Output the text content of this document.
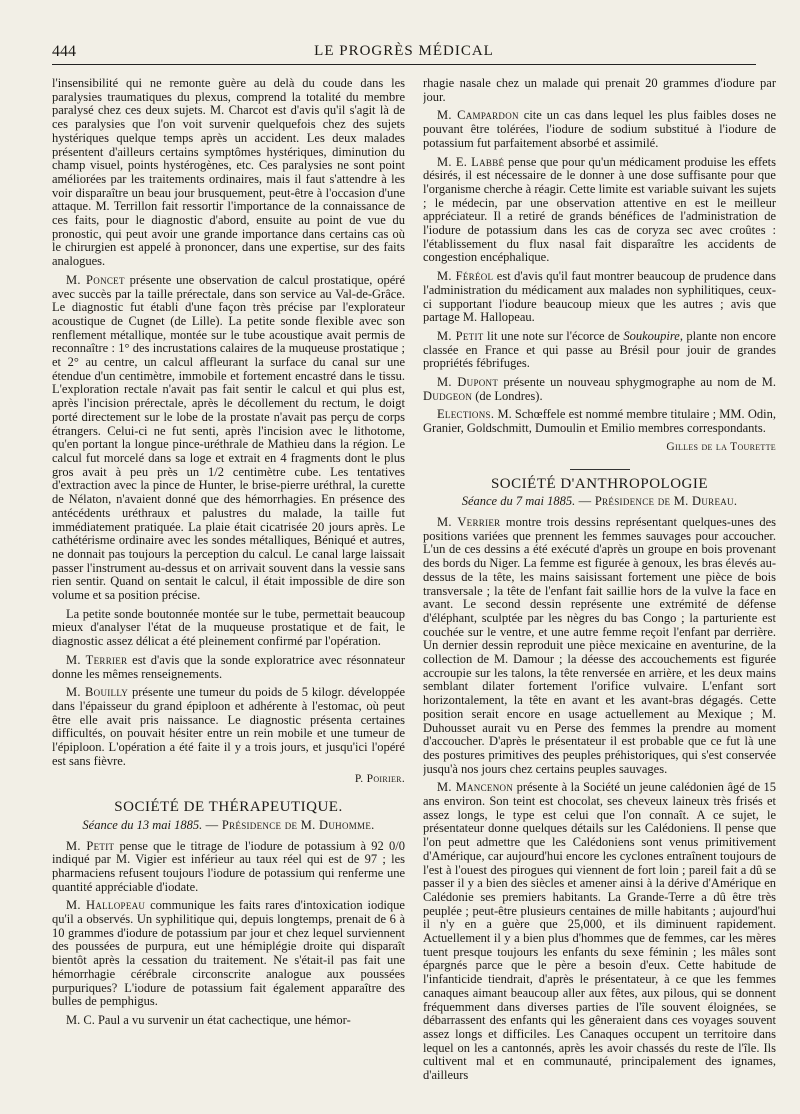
444	LE PROGRÈS MÉDICAL

l'insensibilité qui ne remonte guère au delà du coude dans les paralysies traumatiques du plexus, comprend la totalité du membre paralysé chez ces deux sujets. M. Charcot est d'avis qu'il s'agit là de ces paralysies que l'on voit survenir quelquefois chez des sujets hystériques quelque temps après un accident. Les deux malades présentent d'ailleurs certains symptômes hystériques, diminution du champ visuel, points hystérogènes, etc. Ces paralysies ne sont point améliorées par les traitements ordinaires, mais il faut s'attendre à les voir disparaître un beau jour brusquement, peut-être à l'occasion d'une attaque. M. Terrillon fait ressortir l'importance de la connaissance de ces faits, pour le diagnostic d'abord, ensuite au point de vue du pronostic, qui peut avoir une grande importance dans certains cas où le chirurgien est appelé à prononcer, dans une expertise, sur des faits analogues.

M. Poncet présente une observation de calcul prostatique, opéré avec succès par la taille prérectale, dans son service au Val-de-Grâce. Le diagnostic fut établi d'une façon très précise par l'explorateur acoustique de Cugnet (de Lille). La petite sonde flexible avec son renflement métallique, montée sur le tube acoustique avait permis de reconnaître : 1° des incrustations calaires de la muqueuse prostatique ; et 2° au centre, un calcul affleurant la surface du canal sur une étendue d'un centimètre, immobile et fortement encastré dans le tissu. L'exploration rectale n'avait pas fait sentir le calcul et qui plus est, après l'incision prérectale, après le décollement du rectum, le doigt porté directement sur le lobe de la prostate n'avait pas perçu de corps étrangers. Celui-ci ne fut senti, après l'incision avec le lithotome, qu'en portant la longue pince-uréthrale de Mathieu dans la région. Le calcul fut morcelé dans sa loge et extrait en 4 fragments dont le plus gros avait à peu près un 1/2 centimètre cube. Les tentatives d'extraction avec la pince de Hunter, le brise-pierre uréthral, la curette de Nélaton, n'avaient donné que des hémorrhagies. En présence des antécédents uréthraux et palustres du malade, la taille fut immédiatement pratiquée. La plaie était cicatrisée 20 jours après. Le cathétérisme ordinaire avec les sondes métalliques, Béniqué et autres, ne donnait pas toujours la perception du calcul. Le canal large laissait passer l'instrument au-dessus et on arrivait souvent dans la vessie sans rien sentir. Quand on sentait le calcul, il était impossible de dire son volume et sa position précise.

La petite sonde boutonnée montée sur le tube, permettait beaucoup mieux d'analyser l'état de la muqueuse prostatique et de fait, le diagnostic assez délicat a été pleinement confirmé par l'opération.

M. Terrier est d'avis que la sonde exploratrice avec résonnateur donne les mêmes renseignements.

M. Bouilly présente une tumeur du poids de 5 kilogr. développée dans l'épaisseur du grand épiploon et adhérente à l'estomac, où peut être elle avait pris naissance. Le diagnostic présenta certaines difficultés, on pouvait hésiter entre un rein mobile et une tumeur de l'épiploon. L'opération a été faite il y a trois jours, et jusqu'ici l'opéré est sans fièvre.

P. Poirier.
SOCIÉTÉ DE THÉRAPEUTIQUE.
Séance du 13 mai 1885. — Présidence de M. Duhomme.

M. Petit pense que le titrage de l'iodure de potassium à 92 0/0 indiqué par M. Vigier est inférieur au taux réel qui est de 97 ; les pharmaciens refusent toujours l'iodure de potassium qui renferme une quantité appréciable d'iodate.

M. Hallopeau communique les faits rares d'intoxication iodique qu'il a observés. Un syphilitique qui, depuis longtemps, prenait de 6 à 10 grammes d'iodure de potassium par jour et chez lequel surviennent des poussées de purpura, eut une hémiplégie droite qui disparaît bientôt après la cessation du traitement. Ne s'était-il pas fait une hémorrhagie cérébrale circonscrite analogue aux poussées purpuriques? L'iodure de potassium fait également apparaître des bulles de pemphigus.

M. C. Paul a vu survenir un état cachectique, une hémor-

rhagie nasale chez un malade qui prenait 20 grammes d'iodure par jour.

M. Campardon cite un cas dans lequel les plus faibles doses ne pouvant être tolérées, l'iodure de sodium substitué à l'iodure de potassium fut parfaitement absorbé et assimilé.

M. E. Labbé pense que pour qu'un médicament produise les effets désirés, il est nécessaire de le donner à une dose suffisante pour que l'organisme cherche à réagir. Cette limite est variable suivant les sujets ; le médecin, par une observation attentive en est le meilleur appréciateur. Il a retiré de grands bénéfices de l'administration de l'iodure de potassium dans les cas de coryza sec avec croûtes : l'établissement du flux nasal fait disparaître les accidents de congestion encéphalique.

M. Féréol est d'avis qu'il faut montrer beaucoup de prudence dans l'administration du médicament aux malades non syphilitiques, ceux-ci supportant l'iodure beaucoup mieux que les autres ; avis que partage M. Hallopeau.

M. Petit lit une note sur l'écorce de Soukoupire, plante non encore classée en France et qui passe au Brésil pour jouir de grandes propriétés fébrifuges.

M. Dupont présente un nouveau sphygmographe au nom de M. Dudgeon (de Londres).

Elections. M. Schœffele est nommé membre titulaire ; MM. Odin, Granier, Goldschmitt, Dumoulin et Emilio membres correspondants.

Gilles de la Tourette
SOCIÉTÉ D'ANTHROPOLOGIE
Séance du 7 mai 1885. — Présidence de M. Dureau.

M. Verrier montre trois dessins représentant quelques-unes des positions variées que prennent les femmes sauvages pour accoucher. L'un de ces dessins a été exécuté d'après un groupe en bois provenant des bords du Niger. La femme est figurée à genoux, les bras élevés au-dessus de la tête, les mains saisissant fortement une pièce de bois transversale ; la tête de l'enfant fait saillie hors de la vulve la face en avant. Le second dessin représente une extrémité de défense d'éléphant, sculptée par les nègres du bas Congo ; la parturiente est couchée sur le ventre, et une autre femme reçoit l'enfant par derrière. Un dernier dessin reproduit une pièce mexicaine en aventurine, de la collection de M. Damour ; la déesse des accouchements est figurée accroupie sur les talons, la tête renversée en arrière, et les deux mains semblant dilater fortement l'orifice vulvaire. L'enfant sort horizontalement, la tête en avant et les avant-bras dégagés. Cette position serait encore en usage actuellement au Mexique ; M. Duhousset aurait vu en Perse des femmes la prendre au moment d'accoucher. D'après le présentateur il est probable que ce fut là une des postures primitives des peuples préhistoriques, qui s'est conservée jusqu'à nos jours chez certains peuples sauvages.

M. Mancenon présente à la Société un jeune calédonien âgé de 15 ans environ. Son teint est chocolat, ses cheveux laineux très frisés et assez longs, le type est celui que l'on connaît. A ce sujet, le présentateur donne quelques détails sur les Calédoniens. Il pense que l'on peut admettre que les Calédoniens sont venus primitivement d'Amérique, car aujourd'hui encore les cyclones entraînent toujours de l'est à l'ouest des pirogues qui viennent de fort loin ; pareil fait a dû se passer il y a bien des siècles et amener ainsi à la dérive d'Amérique en Calédonie ses premiers habitants. La Grande-Terre a dû être très peuplée ; peut-être plusieurs centaines de mille habitants ; aujourd'hui il n'y en a guère que 25,000, et ils diminuent rapidement. Actuellement il y a bien plus d'hommes que de femmes, car les mères tuent presque toujours les enfants du sexe féminin ; les mâles sont épargnés parce que le père a besoin d'eux. Cette habitude de l'infanticide tiendrait, d'après le présentateur, à ce que les femmes canaques aimant beaucoup aller aux fêtes, aux pilous, qui se donnent fréquemment dans diverses parties de l'île souvent éloignées, se débarrassent des enfants qui les gêneraient dans ces voyages souvent assez longs et difficiles. Les Canaques occupent un territoire dans lequel on les a cantonnés, après les avoir chassés du reste de l'île. Ils cultivent mal et en communauté, principalement des ignames, d'ailleurs
